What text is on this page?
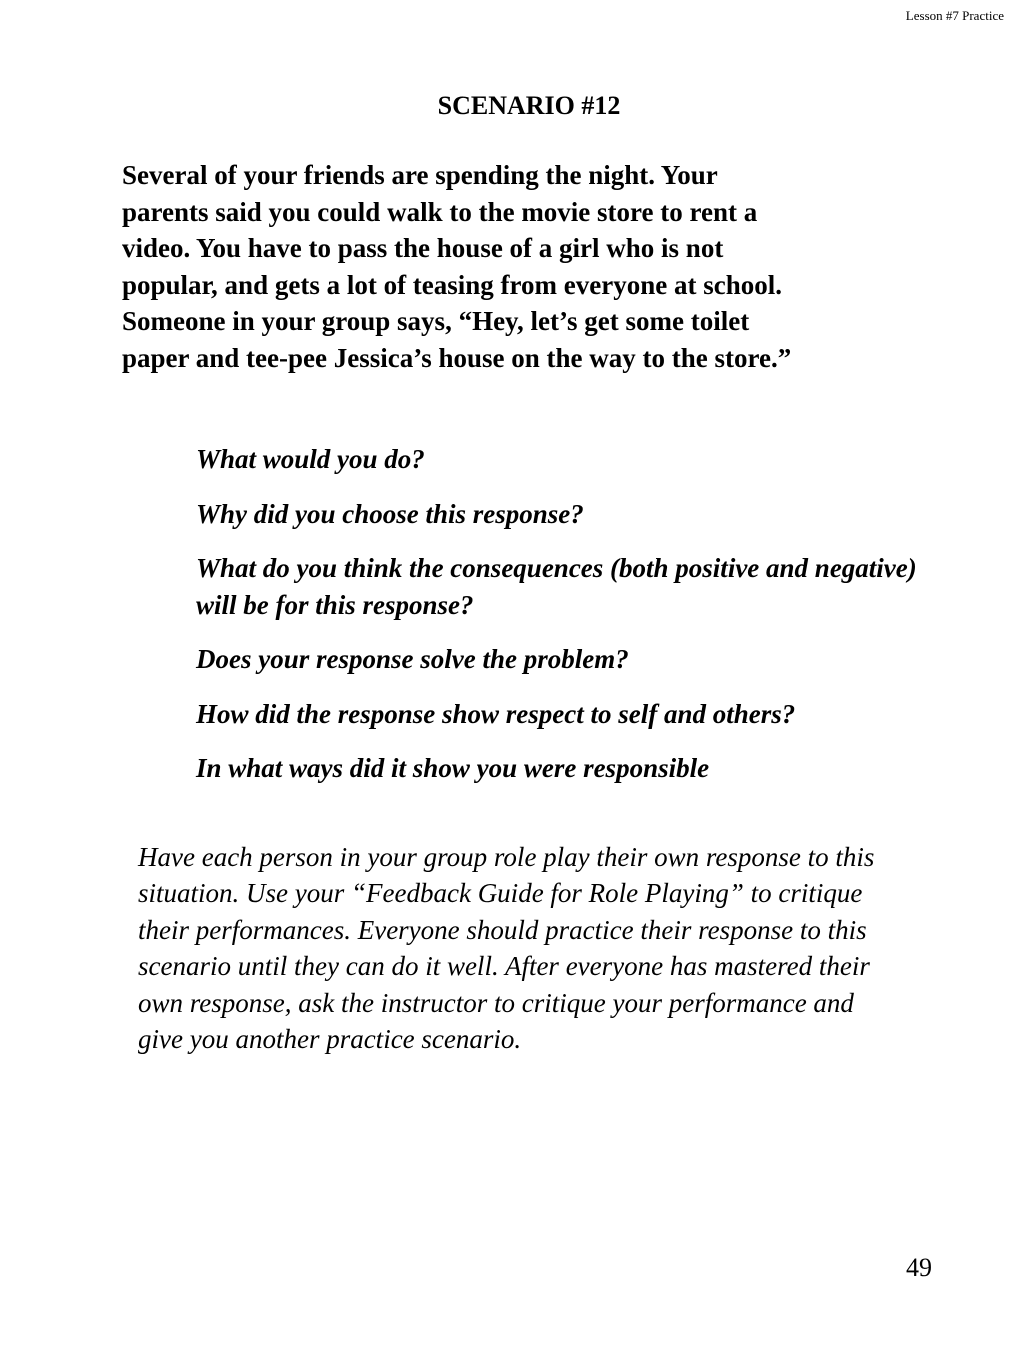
Lesson #7 Practice
SCENARIO #12

Several of your friends are spending the night. Your
parents said you could walk to the movie store to rent a
video. You have to pass the house of a girl who is not
popular, and gets a lot of teasing from everyone at school.
Someone in your group says, “Hey, let’s get some toilet
paper and tee-pee Jessica’s house on the way to the store.”

What would you do?
Why did you choose this response?
What do you think the consequences (both positive and negative) will be for this response?
Does your response solve the problem?
How did the response show respect to self and others?
In what ways did it show you were responsible

Have each person in your group role play their own response to this
situation. Use your “Feedback Guide for Role Playing” to critique
their performances. Everyone should practice their response to this
scenario until they can do it well. After everyone has mastered their
own response, ask the instructor to critique your performance and
give you another practice scenario.

49
